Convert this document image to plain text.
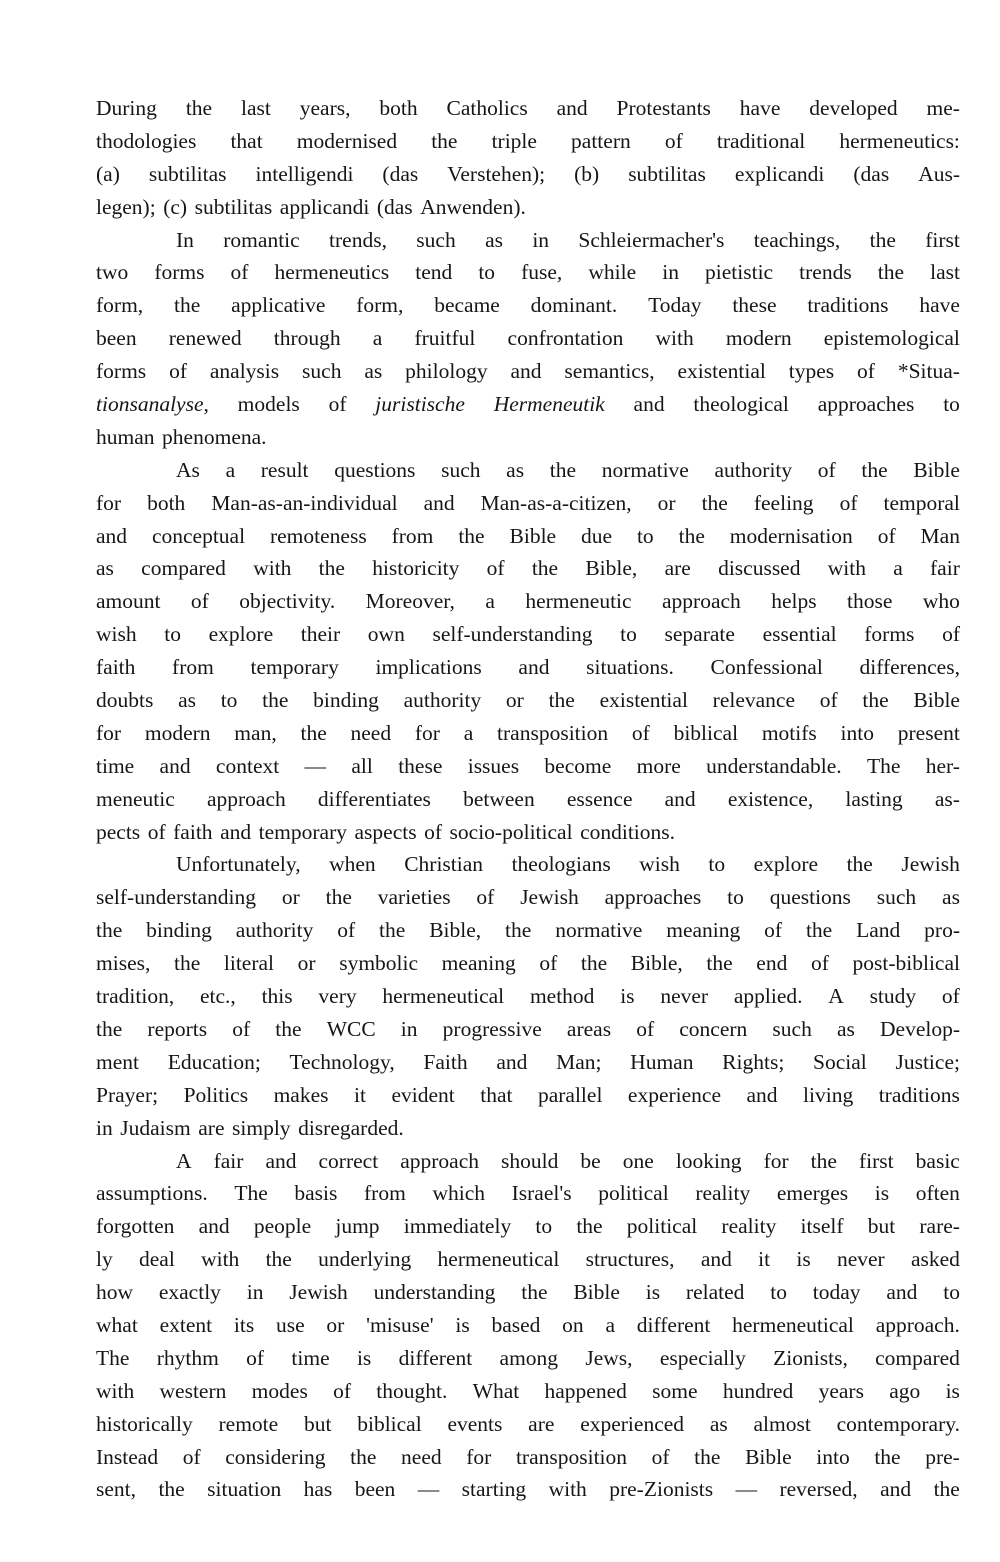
During the last years, both Catholics and Protestants have developed me-
thodologies that modernised the triple pattern of traditional hermeneutics:
(a) subtilitas intelligendi (das Verstehen); (b) subtilitas explicandi (das Aus-
legen); (c) subtilitas applicandi (das Anwenden).
In romantic trends, such as in Schleiermacher's teachings, the first
two forms of hermeneutics tend to fuse, while in pietistic trends the last
form, the applicative form, became dominant. Today these traditions have
been renewed through a fruitful confrontation with modern epistemological
forms of analysis such as philology and semantics, existential types of *Situa-
tionsanalyse, models of juristische Hermeneutik and theological approaches to
human phenomena.
As a result questions such as the normative authority of the Bible
for both Man-as-an-individual and Man-as-a-citizen, or the feeling of temporal
and conceptual remoteness from the Bible due to the modernisation of Man
as compared with the historicity of the Bible, are discussed with a fair
amount of objectivity. Moreover, a hermeneutic approach helps those who
wish to explore their own self-understanding to separate essential forms of
faith from temporary implications and situations. Confessional differences,
doubts as to the binding authority or the existential relevance of the Bible
for modern man, the need for a transposition of biblical motifs into present
time and context — all these issues become more understandable. The her-
meneutic approach differentiates between essence and existence, lasting as-
pects of faith and temporary aspects of socio-political conditions.
Unfortunately, when Christian theologians wish to explore the Jewish
self-understanding or the varieties of Jewish approaches to questions such as
the binding authority of the Bible, the normative meaning of the Land pro-
mises, the literal or symbolic meaning of the Bible, the end of post-biblical
tradition, etc., this very hermeneutical method is never applied. A study of
the reports of the WCC in progressive areas of concern such as Develop-
ment Education; Technology, Faith and Man; Human Rights; Social Justice;
Prayer; Politics makes it evident that parallel experience and living traditions
in Judaism are simply disregarded.
A fair and correct approach should be one looking for the first basic
assumptions. The basis from which Israel's political reality emerges is often
forgotten and people jump immediately to the political reality itself but rare-
ly deal with the underlying hermeneutical structures, and it is never asked
how exactly in Jewish understanding the Bible is related to today and to
what extent its use or 'misuse' is based on a different hermeneutical approach.
The rhythm of time is different among Jews, especially Zionists, compared
with western modes of thought. What happened some hundred years ago is
historically remote but biblical events are experienced as almost contemporary.
Instead of considering the need for transposition of the Bible into the pre-
sent, the situation has been — starting with pre-Zionists — reversed, and the
